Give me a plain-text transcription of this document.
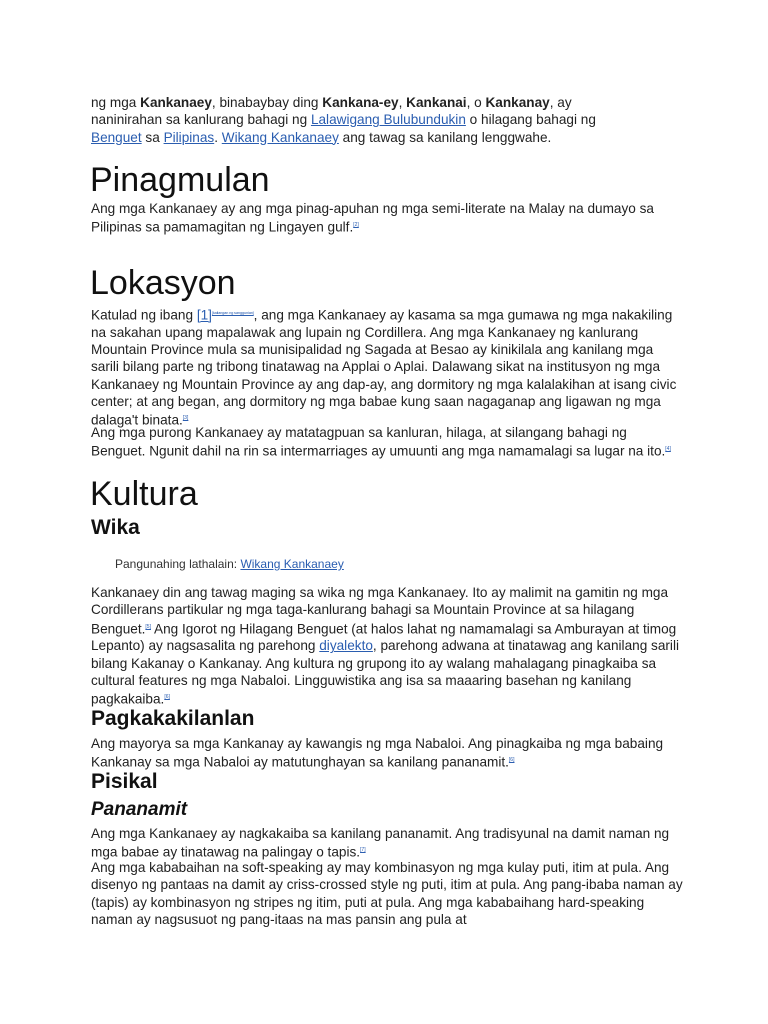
ng mga Kankanaey, binabaybay ding Kankana-ey, Kankanai, o Kankanay, ay naninirahan sa kanlurang bahagi ng Lalawigang Bulubundukin o hilagang bahagi ng Benguet sa Pilipinas. Wikang Kankanaey ang tawag sa kanilang lenggwahe.

Pinagmulan

Ang mga Kankanaey ay ang mga pinag-apuhan ng mga semi-literate na Malay na dumayo sa Pilipinas sa pamamagitan ng Lingayen gulf.[2]

Lokasyon

Katulad ng ibang [1][kailangan ng sanggunian], ang mga Kankanaey ay kasama sa mga gumawa ng mga nakakiling na sakahan upang mapalawak ang lupain ng Cordillera. Ang mga Kankanaey ng kanlurang Mountain Province mula sa munisipalidad ng Sagada at Besao ay kinikilala ang kanilang mga sarili bilang parte ng tribong tinatawag na Applai o Aplai. Dalawang sikat na institusyon ng mga Kankanaey ng Mountain Province ay ang dap-ay, ang dormitory ng mga kalalakihan at isang civic center; at ang began, ang dormitory ng mga babae kung saan nagaganap ang ligawan ng mga dalaga't binata.[3]

Ang mga purong Kankanaey ay matatagpuan sa kanluran, hilaga, at silangang bahagi ng Benguet. Ngunit dahil na rin sa intermarriages ay umuunti ang mga namamalagi sa lugar na ito.[4]

Kultura
Wika

Pangunahing lathalain: Wikang Kankanaey

Kankanaey din ang tawag maging sa wika ng mga Kankanaey. Ito ay malimit na gamitin ng mga Cordillerans partikular ng mga taga-kanlurang bahagi sa Mountain Province at sa hilagang Benguet.[5] Ang Igorot ng Hilagang Benguet (at halos lahat ng namamalagi sa Amburayan at timog Lepanto) ay nagsasalita ng parehong diyalekto, parehong adwana at tinatawag ang kanilang sarili bilang Kakanay o Kankanay. Ang kultura ng grupong ito ay walang mahalagang pinagkaiba sa cultural features ng mga Nabaloi. Lingguwistika ang isa sa maaaring basehan ng kanilang pagkakaiba.[6]

Pagkakakilanlan

Ang mayorya sa mga Kankanay ay kawangis ng mga Nabaloi. Ang pinagkaiba ng mga babaing Kankanay sa mga Nabaloi ay matutunghayan sa kanilang pananamit.[6]

Pisikal
Pananamit

Ang mga Kankanaey ay nagkakaiba sa kanilang pananamit. Ang tradisyunal na damit naman ng mga babae ay tinatawag na palingay o tapis.[7]

Ang mga kababaihan na soft-speaking ay may kombinasyon ng mga kulay puti, itim at pula. Ang disenyo ng pantaas na damit ay criss-crossed style ng puti, itim at pula. Ang pang-ibaba naman ay (tapis) ay kombinasyon ng stripes ng itim, puti at pula. Ang mga kababaihang hard-speaking naman ay nagsusuot ng pang-itaas na mas pansin ang pula at
